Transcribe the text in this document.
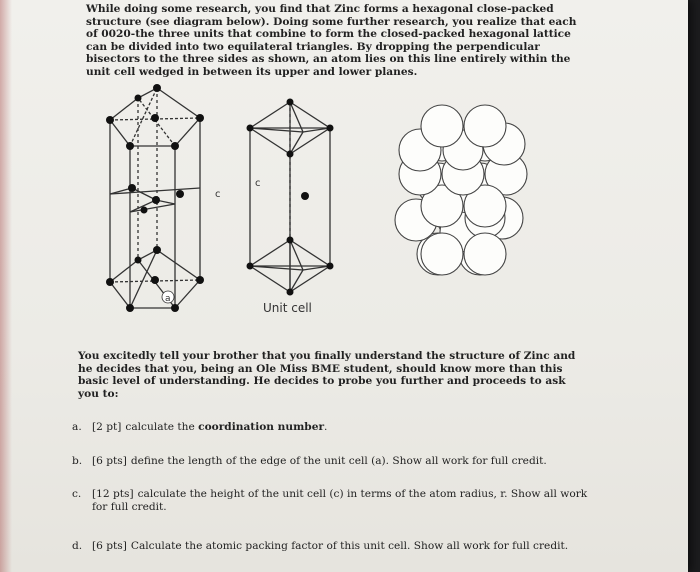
While doing some research, you find that Zinc forms a hexagonal close-packed structure (see diagram below). Doing some further research, you realize that each of 0020-the three units that combine to form the closed-packed hexagonal lattice can be divided into two equilateral triangles. By dropping the perpendicular bisectors to the three sides as shown, an atom lies on this line entirely within the unit cell wedged in between its upper and lower planes.

c
c
a
Unit cell

You excitedly tell your brother that you finally understand the structure of Zinc and he decides that you, being an Ole Miss BME student, should know more than this basic level of understanding. He decides to probe you further and proceeds to ask you to:

a. [2 pt] calculate the coordination number.
b. [6 pts] define the length of the edge of the unit cell (a). Show all work for full credit.
c. [12 pts] calculate the height of the unit cell (c) in terms of the atom radius, r. Show all work
for full credit.
d. [6 pts] Calculate the atomic packing factor of this unit cell. Show all work for full credit.
